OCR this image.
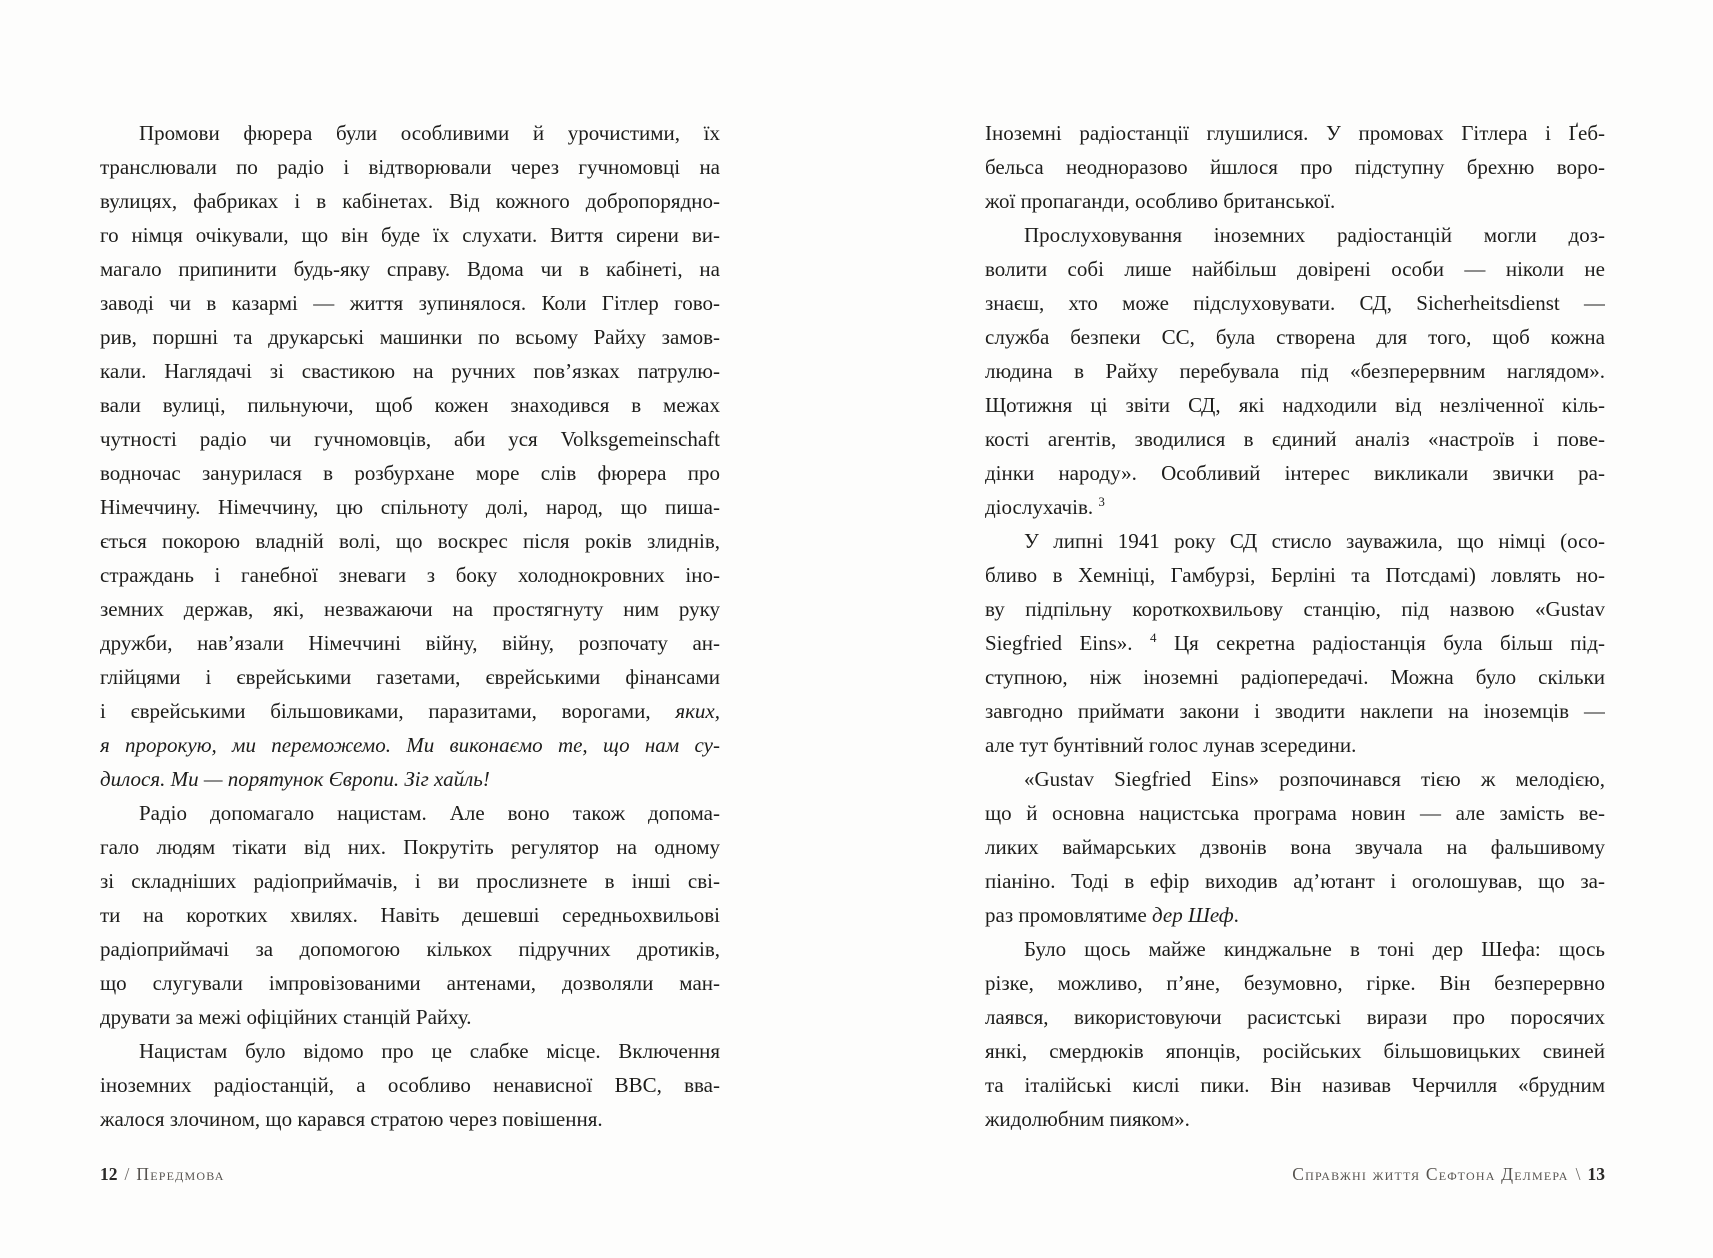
Промови фюрера були особливими й урочистими, їх
транслювали по радіо і відтворювали через гучномовці на
вулицях, фабриках і в кабінетах. Від кожного добропорядно-
го німця очікували, що він буде їх слухати. Виття сирени ви-
магало припинити будь-яку справу. Вдома чи в кабінеті, на
заводі чи в казармі — життя зупинялося. Коли Гітлер гово-
рив, поршні та друкарські машинки по всьому Райху замов-
кали. Наглядачі зі свастикою на ручних пов’язках патрулю-
вали вулиці, пильнуючи, щоб кожен знаходився в межах
чутності радіо чи гучномовців, аби уся Volksgemeinschaft
водночас занурилася в розбурхане море слів фюрера про
Німеччину. Німеччину, цю спільноту долі, народ, що пиша-
ється покорою владній волі, що воскрес після років злиднів,
страждань і ганебної зневаги з боку холоднокровних іно-
земних держав, які, незважаючи на простягнуту ним руку
дружби, нав’язали Німеччині війну, війну, розпочату ан-
глійцями і єврейськими газетами, єврейськими фінансами
і єврейськими більшовиками, паразитами, ворогами, яких,
я пророкую, ми переможемо. Ми виконаємо те, що нам су-
дилося. Ми — порятунок Європи. Зіг хайль!
Радіо допомагало нацистам. Але воно також допома-
гало людям тікати від них. Покрутіть регулятор на одному
зі складніших радіоприймачів, і ви прослизнете в інші сві-
ти на коротких хвилях. Навіть дешевші середньохвильові
радіоприймачі за допомогою кількох підручних дротиків,
що слугували імпровізованими антенами, дозволяли ман-
друвати за межі офіційних станцій Райху.
Нацистам було відомо про це слабке місце. Включення
іноземних радіостанцій, а особливо ненависної ВВС, вва-
жалося злочином, що карався стратою через повішення.
Іноземні радіостанції глушилися. У промовах Гітлера і Ґеб-
бельса неодноразово йшлося про підступну брехню воро-
жої пропаганди, особливо британської.
Прослуховування іноземних радіостанцій могли доз-
волити собі лише найбільш довірені особи — ніколи не
знаєш, хто може підслуховувати. СД, Sicherheitsdienst —
служба безпеки СС, була створена для того, щоб кожна
людина в Райху перебувала під «безперервним наглядом».
Щотижня ці звіти СД, які надходили від незліченної кіль-
кості агентів, зводилися в єдиний аналіз «настроїв і пове-
дінки народу». Особливий інтерес викликали звички ра-
діослухачів. $^3$
У липні 1941 року СД стисло зауважила, що німці (осо-
бливо в Хемніці, Гамбурзі, Берліні та Потсдамі) ловлять но-
ву підпільну короткохвильову станцію, під назвою «Gustav
Siegfried Eins». $^4$ Ця секретна радіостанція була більш під-
ступною, ніж іноземні радіопередачі. Можна було скільки
завгодно приймати закони і зводити наклепи на іноземців —
але тут бунтівний голос лунав зсередини.
«Gustav Siegfried Eins» розпочинався тією ж мелодією,
що й основна нацистська програма новин — але замість ве-
ликих ваймарських дзвонів вона звучала на фальшивому
піаніно. Тоді в ефір виходив ад’ютант і оголошував, що за-
раз промовлятиме дер Шеф.
Було щось майже кинджальне в тоні дер Шефа: щось
різке, можливо, п’яне, безумовно, гірке. Він безперервно
лаявся, використовуючи расистські вирази про поросячих
янкі, смердюків японців, російських більшовицьких свиней
та італійські кислі пики. Він називав Черчилля «брудним
жидолюбним пияком».
12 / Передмова	Справжні життя Сефтона Делмера \ 13
